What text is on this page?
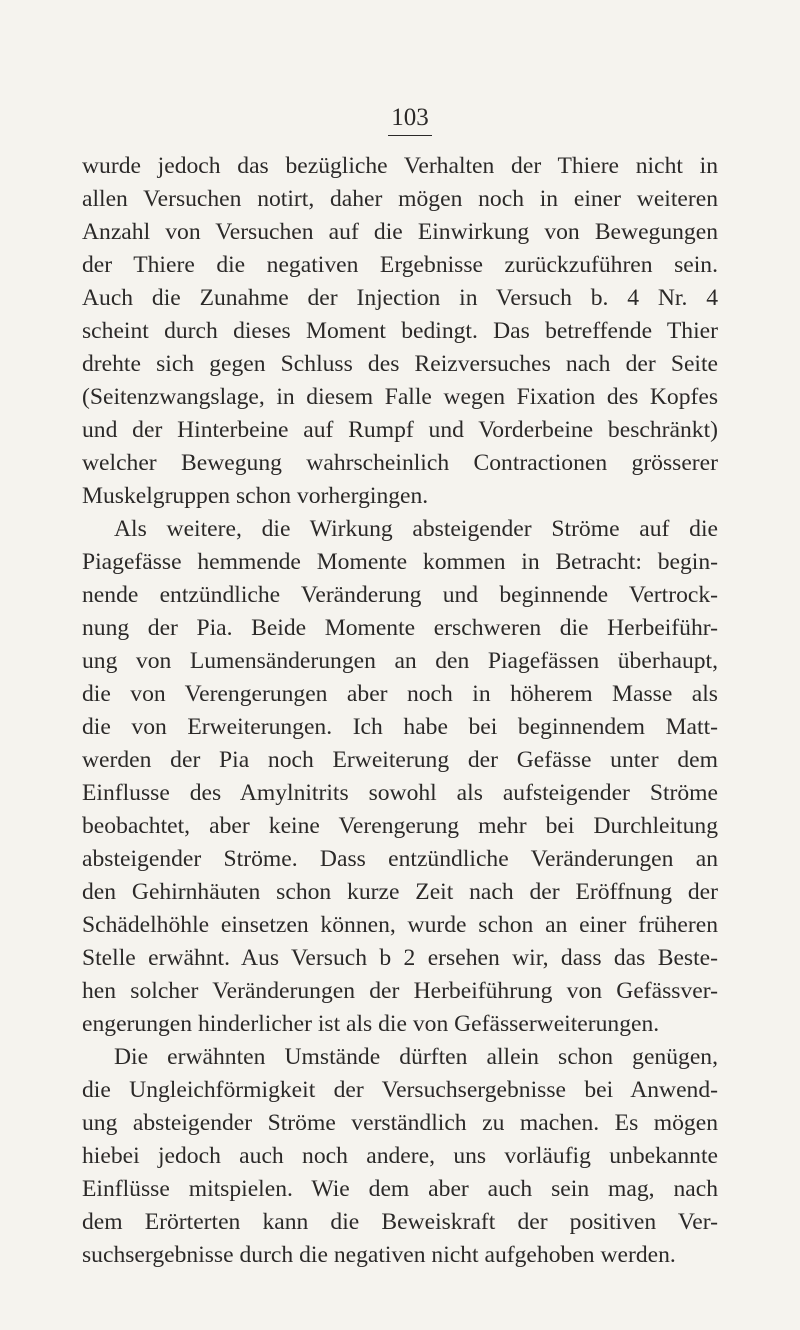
103
wurde jedoch das bezügliche Verhalten der Thiere nicht in
allen Versuchen notirt, daher mögen noch in einer weiteren
Anzahl von Versuchen auf die Einwirkung von Bewegungen
der Thiere die negativen Ergebnisse zurückzuführen sein.
Auch die Zunahme der Injection in Versuch b. 4 Nr. 4
scheint durch dieses Moment bedingt. Das betreffende Thier
drehte sich gegen Schluss des Reizversuches nach der Seite
(Seitenzwangslage, in diesem Falle wegen Fixation des Kopfes
und der Hinterbeine auf Rumpf und Vorderbeine beschränkt)
welcher Bewegung wahrscheinlich Contractionen grösserer
Muskelgruppen schon vorhergingen.
Als weitere, die Wirkung absteigender Ströme auf die
Piagefässe hemmende Momente kommen in Betracht: begin-
nende entzündliche Veränderung und beginnende Vertrock-
nung der Pia. Beide Momente erschweren die Herbeiführ-
ung von Lumensänderungen an den Piagefässen überhaupt,
die von Verengerungen aber noch in höherem Masse als
die von Erweiterungen. Ich habe bei beginnendem Matt-
werden der Pia noch Erweiterung der Gefässe unter dem
Einflusse des Amylnitrits sowohl als aufsteigender Ströme
beobachtet, aber keine Verengerung mehr bei Durchleitung
absteigender Ströme. Dass entzündliche Veränderungen an
den Gehirnhäuten schon kurze Zeit nach der Eröffnung der
Schädelhöhle einsetzen können, wurde schon an einer früheren
Stelle erwähnt. Aus Versuch b 2 ersehen wir, dass das Beste-
hen solcher Veränderungen der Herbeiführung von Gefässver-
engerungen hinderlicher ist als die von Gefässerweiterungen.
Die erwähnten Umstände dürften allein schon genügen,
die Ungleichförmigkeit der Versuchsergebnisse bei Anwend-
ung absteigender Ströme verständlich zu machen. Es mögen
hiebei jedoch auch noch andere, uns vorläufig unbekannte
Einflüsse mitspielen. Wie dem aber auch sein mag, nach
dem Erörterten kann die Beweiskraft der positiven Ver-
suchsergebnisse durch die negativen nicht aufgehoben werden.
